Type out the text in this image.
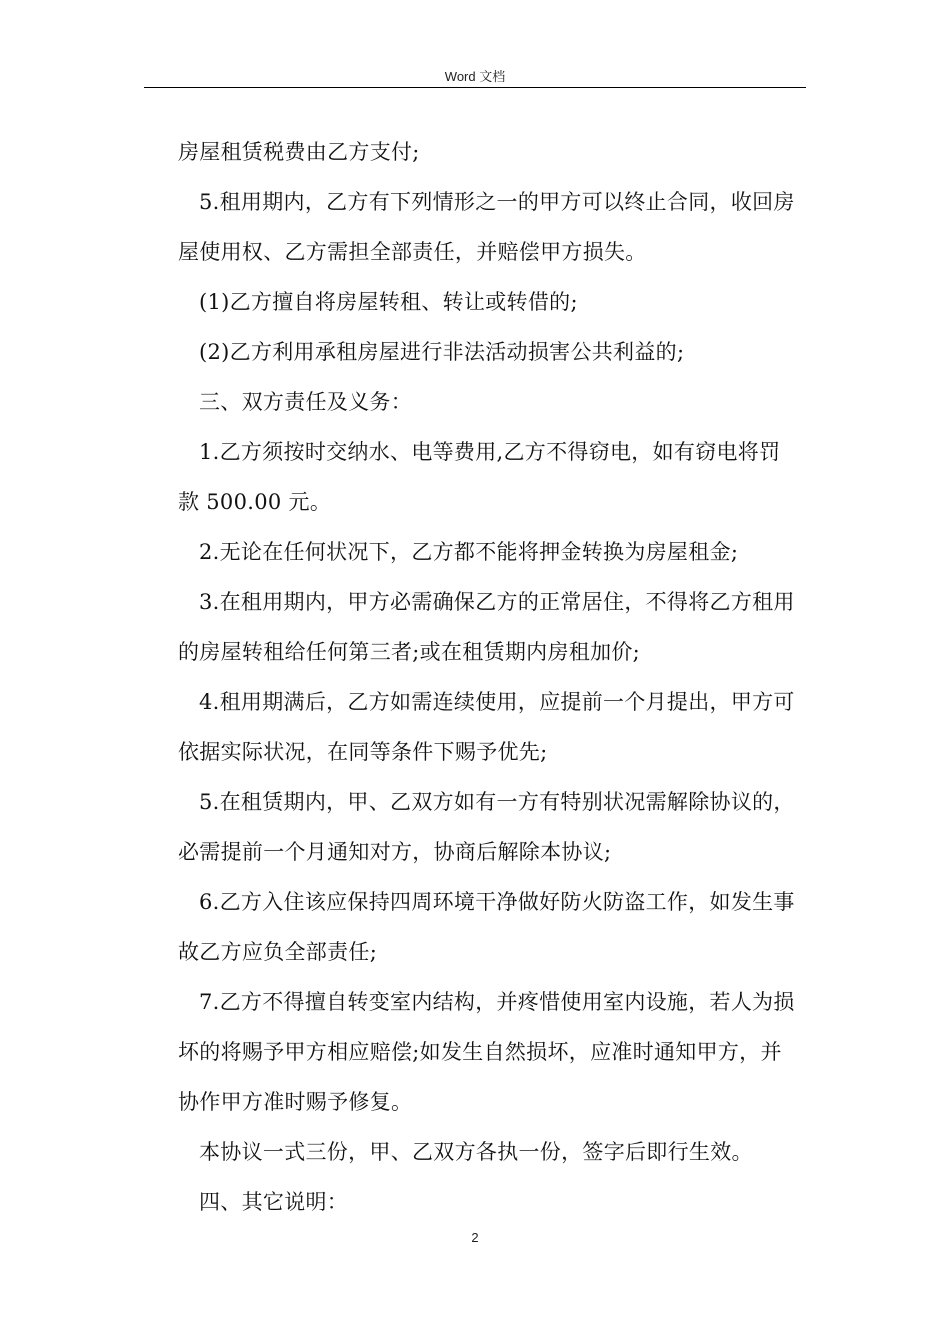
Word 文档

房屋租赁税费由乙方支付;

5.租用期内，乙方有下列情形之一的甲方可以终止合同，收回房屋使用权、乙方需担全部责任，并赔偿甲方损失。

(1)乙方擅自将房屋转租、转让或转借的;

(2)乙方利用承租房屋进行非法活动损害公共利益的;

三、双方责任及义务：

1.乙方须按时交纳水、电等费用,乙方不得窃电，如有窃电将罚款 500.00 元。

2.无论在任何状况下，乙方都不能将押金转换为房屋租金;

3.在租用期内，甲方必需确保乙方的正常居住，不得将乙方租用的房屋转租给任何第三者;或在租赁期内房租加价;

4.租用期满后，乙方如需连续使用，应提前一个月提出，甲方可依据实际状况，在同等条件下赐予优先;

5.在租赁期内，甲、乙双方如有一方有特别状况需解除协议的，必需提前一个月通知对方，协商后解除本协议;

6.乙方入住该应保持四周环境干净做好防火防盗工作，如发生事故乙方应负全部责任;

7.乙方不得擅自转变室内结构，并疼惜使用室内设施，若人为损坏的将赐予甲方相应赔偿;如发生自然损坏，应准时通知甲方，并协作甲方准时赐予修复。

本协议一式三份，甲、乙双方各执一份，签字后即行生效。

四、其它说明：

2
